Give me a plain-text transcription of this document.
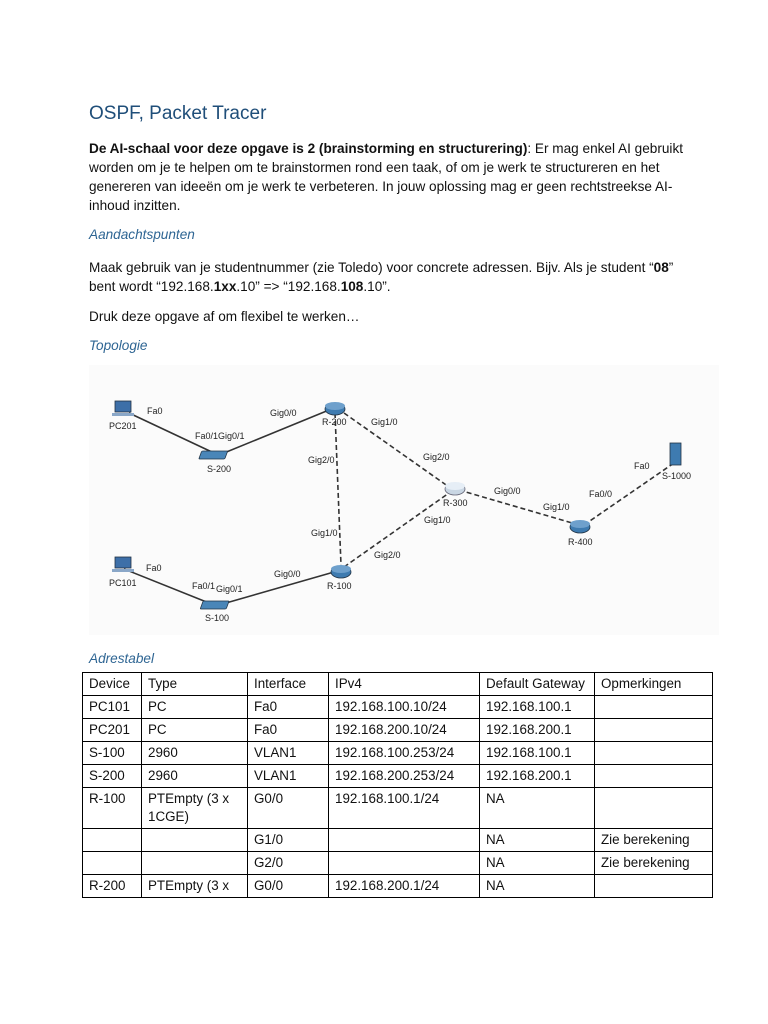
OSPF, Packet Tracer
De AI-schaal voor deze opgave is 2 (brainstorming en structurering): Er mag enkel AI gebruikt worden om je te helpen om te brainstormen rond een taak, of om je werk te structureren en het genereren van ideeën om je werk te verbeteren. In jouw oplossing mag er geen rechtstreekse AI-inhoud inzitten.
Aandachtspunten
Maak gebruik van je studentnummer (zie Toledo) voor concrete adressen. Bijv. Als je student “08” bent wordt “192.168.1xx.10” => “192.168.108.10”.
Druk deze opgave af om flexibel te werken…
Topologie
PC201
PC101
S-200
S-100
R-200
R-100
R-300
R-400
S-1000
Fa0
Fa0/1 Gig0/1
Gig0/0
Gig1/0
Gig2/0	Gig2/0
Gig0/0
Gig1/0
Gig1/0
Fa0/0
Fa0
Gig1/0
Gig2/0
Gig0/0
Fa0
Fa0/1 Gig0/1
Adrestabel
Device	Type	Interface	IPv4	Default Gateway	Opmerkingen
PC101	PC	Fa0	192.168.100.10/24	192.168.100.1	
PC201	PC	Fa0	192.168.200.10/24	192.168.200.1	
S-100	2960	VLAN1	192.168.100.253/24	192.168.100.1	
S-200	2960	VLAN1	192.168.200.253/24	192.168.200.1	
R-100	PTEmpty (3 x 1CGE)	G0/0	192.168.100.1/24	NA	
		G1/0		NA	Zie berekening
		G2/0		NA	Zie berekening
R-200	PTEmpty (3 x	G0/0	192.168.200.1/24	NA	
